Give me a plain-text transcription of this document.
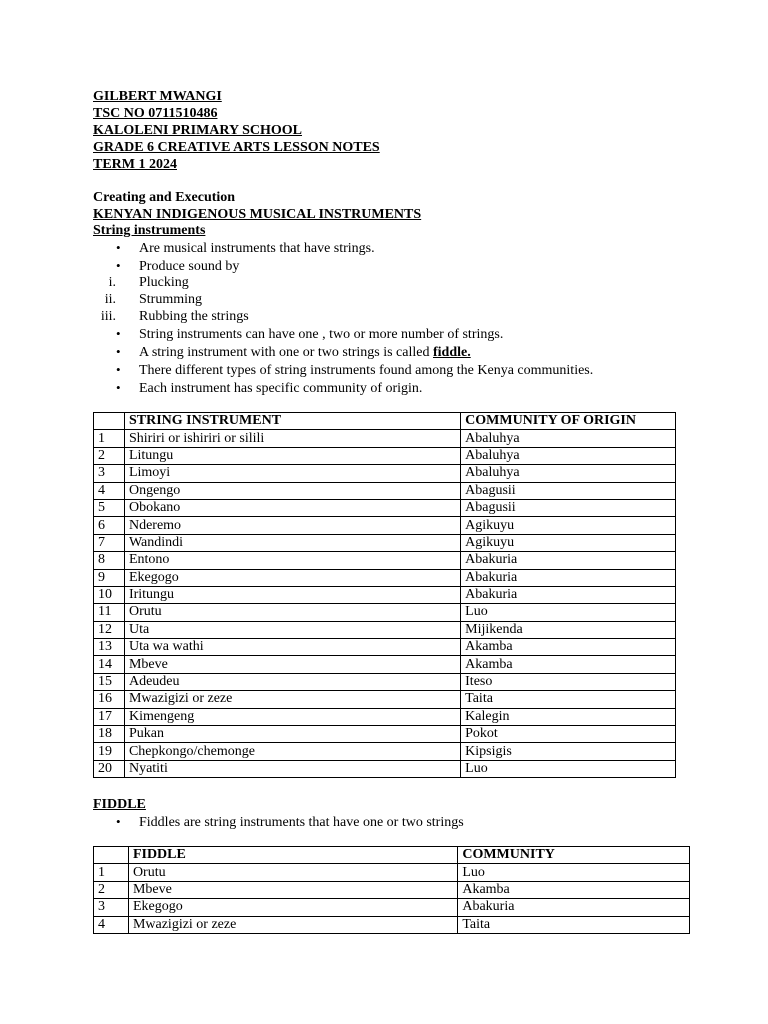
GILBERT MWANGI
TSC NO 0711510486
KALOLENI PRIMARY SCHOOL
GRADE 6 CREATIVE ARTS LESSON NOTES
TERM 1 2024
Creating and Execution
KENYAN INDIGENOUS MUSICAL INSTRUMENTS
String instruments
• Are musical instruments that have strings.
• Produce sound by
i. Plucking
ii. Strumming
iii. Rubbing the strings
• String instruments can have one , two or more number of strings.
• A string instrument with one or two strings is called fiddle.
• There different types of string instruments found among the Kenya communities.
• Each instrument has specific community of origin.
	STRING INSTRUMENT	COMMUNITY OF ORIGIN
1	Shiriri or ishiriri or silili	Abaluhya
2	Litungu	Abaluhya
3	Limoyi	Abaluhya
4	Ongengo	Abagusii
5	Obokano	Abagusii
6	Nderemo	Agikuyu
7	Wandindi	Agikuyu
8	Entono	Abakuria
9	Ekegogo	Abakuria
10	Iritungu	Abakuria
11	Orutu	Luo
12	Uta	Mijikenda
13	Uta wa wathi	Akamba
14	Mbeve	Akamba
15	Adeudeu	Iteso
16	Mwazigizi or zeze	Taita
17	Kimengeng	Kalegin
18	Pukan	Pokot
19	Chepkongo/chemonge	Kipsigis
20	Nyatiti	Luo
FIDDLE
• Fiddles are string instruments that have one or two strings
	FIDDLE	COMMUNITY
1	Orutu	Luo
2	Mbeve	Akamba
3	Ekegogo	Abakuria
4	Mwazigizi or zeze	Taita
